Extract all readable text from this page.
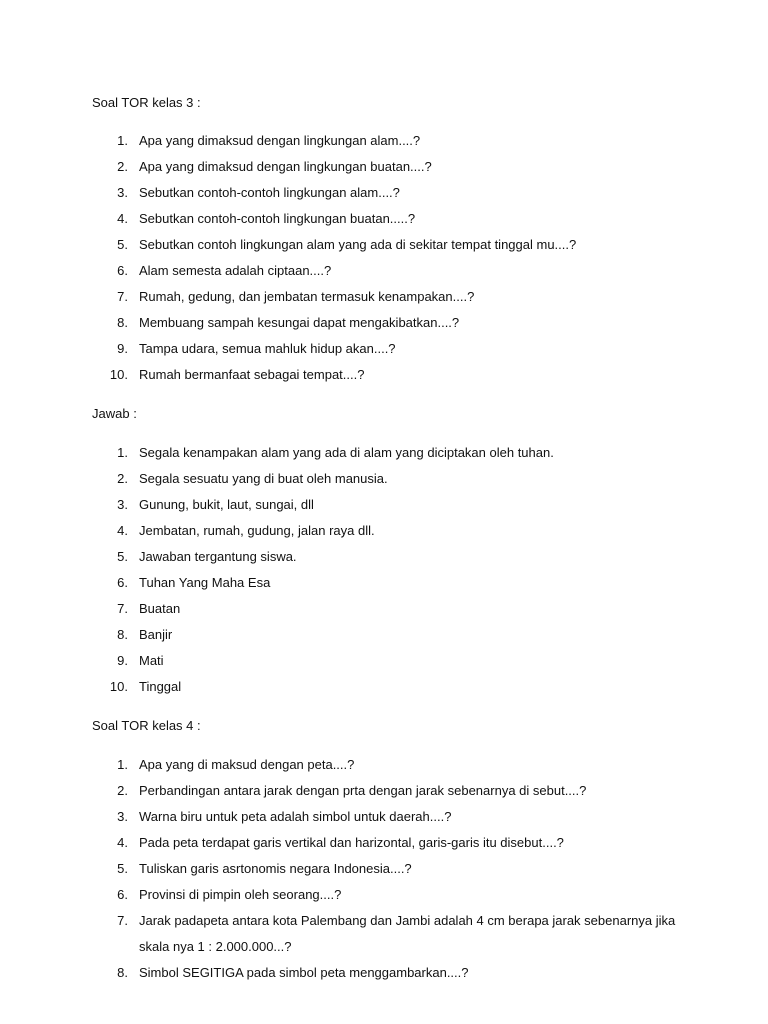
Soal TOR kelas 3 :
1. Apa yang dimaksud dengan lingkungan alam....?
2. Apa yang dimaksud dengan lingkungan buatan....?
3. Sebutkan contoh-contoh lingkungan alam....?
4. Sebutkan contoh-contoh lingkungan buatan.....?
5. Sebutkan contoh lingkungan alam yang ada di sekitar tempat tinggal mu....?
6. Alam semesta adalah ciptaan....?
7. Rumah, gedung, dan jembatan termasuk kenampakan....?
8. Membuang sampah kesungai dapat mengakibatkan....?
9. Tampa udara, semua mahluk hidup akan....?
10. Rumah bermanfaat sebagai tempat....?
Jawab :
1. Segala kenampakan alam yang ada di alam yang diciptakan oleh tuhan.
2. Segala sesuatu yang di buat oleh manusia.
3. Gunung, bukit, laut, sungai, dll
4. Jembatan, rumah, gudung, jalan raya dll.
5. Jawaban tergantung siswa.
6. Tuhan Yang Maha Esa
7. Buatan
8. Banjir
9. Mati
10. Tinggal
Soal TOR kelas 4 :
1. Apa yang di maksud dengan peta....?
2. Perbandingan antara jarak dengan prta dengan jarak sebenarnya di sebut....?
3. Warna biru untuk peta adalah simbol untuk daerah....?
4. Pada peta terdapat garis vertikal dan harizontal, garis-garis itu disebut....?
5. Tuliskan garis asrtonomis negara Indonesia....?
6. Provinsi di pimpin oleh seorang....?
7. Jarak padapeta antara kota Palembang dan Jambi adalah 4 cm berapa jarak sebenarnya jika skala nya 1 : 2.000.000...?
8. Simbol SEGITIGA pada simbol peta menggambarkan....?
